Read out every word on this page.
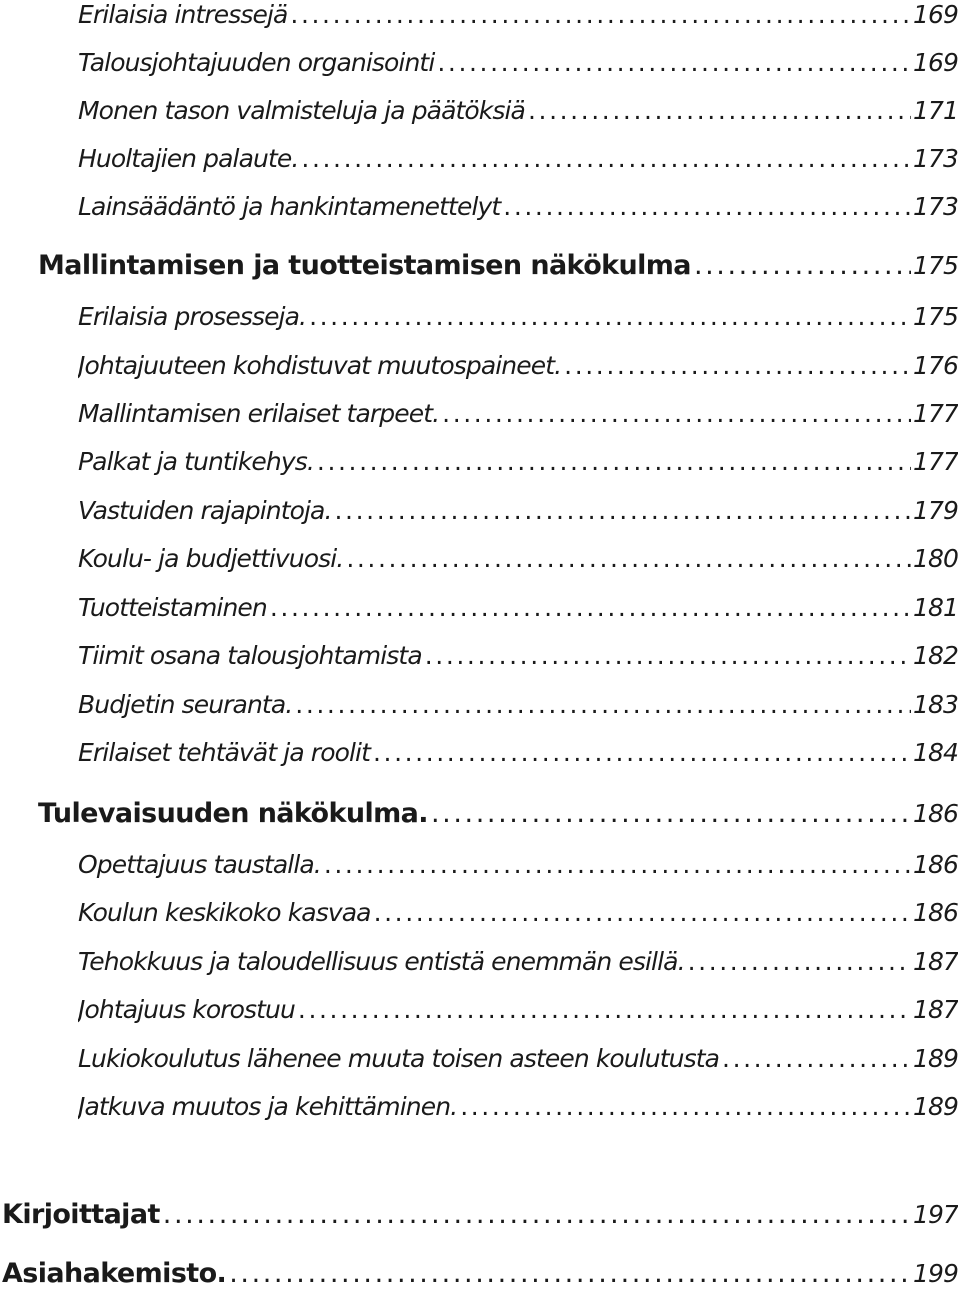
Erilaisia intressejä .....	169
Talousjohtajuuden organisointi .....	169
Monen tason valmisteluja ja päätöksiä .....	171
Huoltajien palaute. .....	173
Lainsäädäntö ja hankintamenettelyt .....	173
Mallintamisen ja tuotteistamisen näkökulma .....	175
Erilaisia prosesseja. .....	175
Johtajuuteen kohdistuvat muutospaineet. .....	176
Mallintamisen erilaiset tarpeet. .....	177
Palkat ja tuntikehys. .....	177
Vastuiden rajapintoja. .....	179
Koulu- ja budjettivuosi. .....	180
Tuotteistaminen .....	181
Tiimit osana talousjohtamista .....	182
Budjetin seuranta. .....	183
Erilaiset tehtävät ja roolit .....	184
Tulevaisuuden näkökulma. .....	186
Opettajuus taustalla. .....	186
Koulun keskikoko kasvaa .....	186
Tehokkuus ja taloudellisuus entistä enemmän esillä. .....	187
Johtajuus korostuu .....	187
Lukiokoulutus lähenee muuta toisen asteen koulutusta .....	189
Jatkuva muutos ja kehittäminen. .....	189
Kirjoittajat .....	197
Asiahakemisto. .....	199
